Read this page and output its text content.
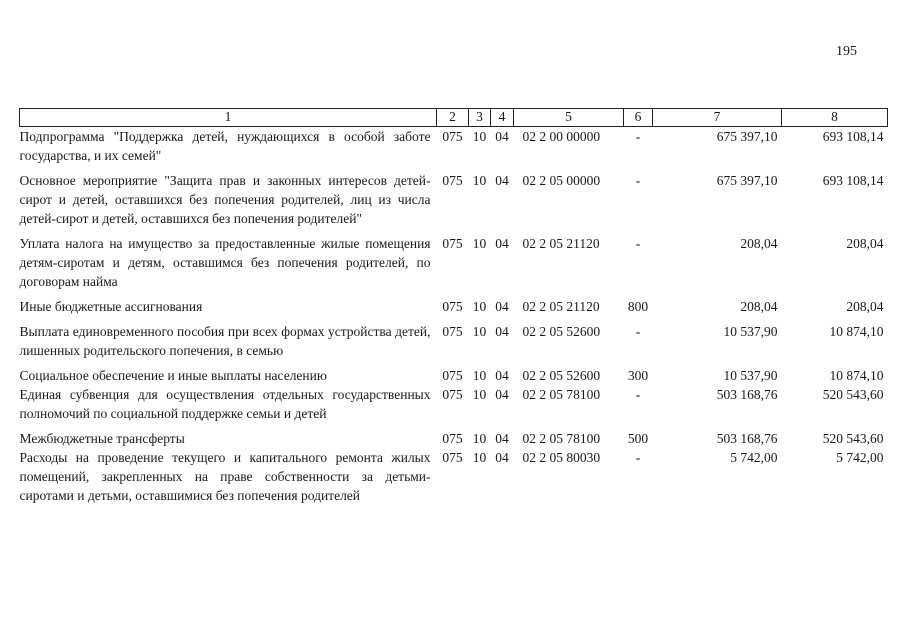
195
1	2	3	4	5	6	7	8
Подпрограмма "Поддержка детей, нуждающихся в особой заботе государства, и их семей"	075	10	04	02 2 00 00000	-	675 397,10	693 108,14
Основное мероприятие "Защита прав и законных интересов детей-сирот и детей, оставшихся без попечения родителей, лиц из числа детей-сирот и детей, оставшихся без попечения родителей"	075	10	04	02 2 05 00000	-	675 397,10	693 108,14
Уплата налога на имущество за предоставленные жилые помещения детям-сиротам и детям, оставшимся без попечения родителей, по договорам найма	075	10	04	02 2 05 21120	-	208,04	208,04
Иные бюджетные ассигнования	075	10	04	02 2 05 21120	800	208,04	208,04
Выплата единовременного пособия при всех формах устройства детей, лишенных родительского попечения, в семью	075	10	04	02 2 05 52600	-	10 537,90	10 874,10
Социальное обеспечение и иные выплаты населению	075	10	04	02 2 05 52600	300	10 537,90	10 874,10
Единая субвенция для осуществления отдельных государственных полномочий по социальной поддержке семьи и детей	075	10	04	02 2 05 78100	-	503 168,76	520 543,60
Межбюджетные трансферты	075	10	04	02 2 05 78100	500	503 168,76	520 543,60
Расходы на проведение текущего и капитального ремонта жилых помещений, закрепленных на праве собственности за детьми-сиротами и детьми, оставшимися без попечения родителей	075	10	04	02 2 05 80030	-	5 742,00	5 742,00
